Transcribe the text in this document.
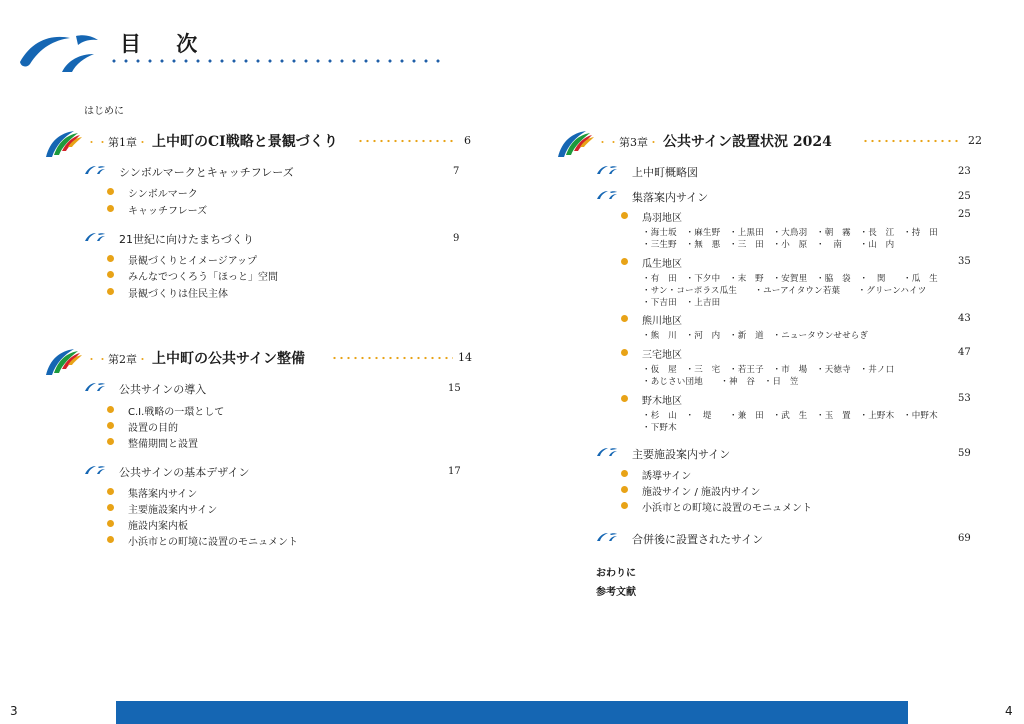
目 次
はじめに
・・第1章・ 上中町のCI戦略と景観づくり	6
シンボルマークとキャッチフレーズ	7
シンボルマーク
キャッチフレーズ
21世紀に向けたまちづくり	9
景観づくりとイメージアップ
みんなでつくろう「ほっと」空間
景観づくりは住民主体
・・第2章・ 上中町の公共サイン整備	14
公共サインの導入	15
C.I.戦略の一環として
設置の目的
整備期間と設置
公共サインの基本デザイン	17
集落案内サイン
主要施設案内サイン
施設内案内板
小浜市との町境に設置のモニュメント
・・第3章・ 公共サイン設置状況 2024	22
上中町概略図	23
集落案内サイン	25
鳥羽地区	25
・海士坂　・麻生野　・上黒田　・大鳥羽　・朝　霧　・長　江　・持　田
・三生野　・無　悪　・三　田　・小　原　・　南　　・山　内
瓜生地区	35
・有　田　・下夕中　・末　野　・安賀里　・脇　袋　・　関　　・瓜　生
・サン・コーポラス瓜生　　・ユーアイタウン若葉　　・グリーンハイツ
・下吉田　・上吉田
熊川地区	43
・熊　川　・河　内　・新　道　・ニュータウンせせらぎ
三宅地区	47
・仮　屋　・三　宅　・若王子　・市　場　・天徳寺　・井ノ口
・あじさい団地　　・神　谷　・日　笠
野木地区	53
・杉　山　・　堤　　・兼　田　・武　生　・玉　置　・上野木　・中野木
・下野木
主要施設案内サイン	59
誘導サイン
施設サイン / 施設内サイン
小浜市との町境に設置のモニュメント
合併後に設置されたサイン	69
おわりに
参考文献
3	4
